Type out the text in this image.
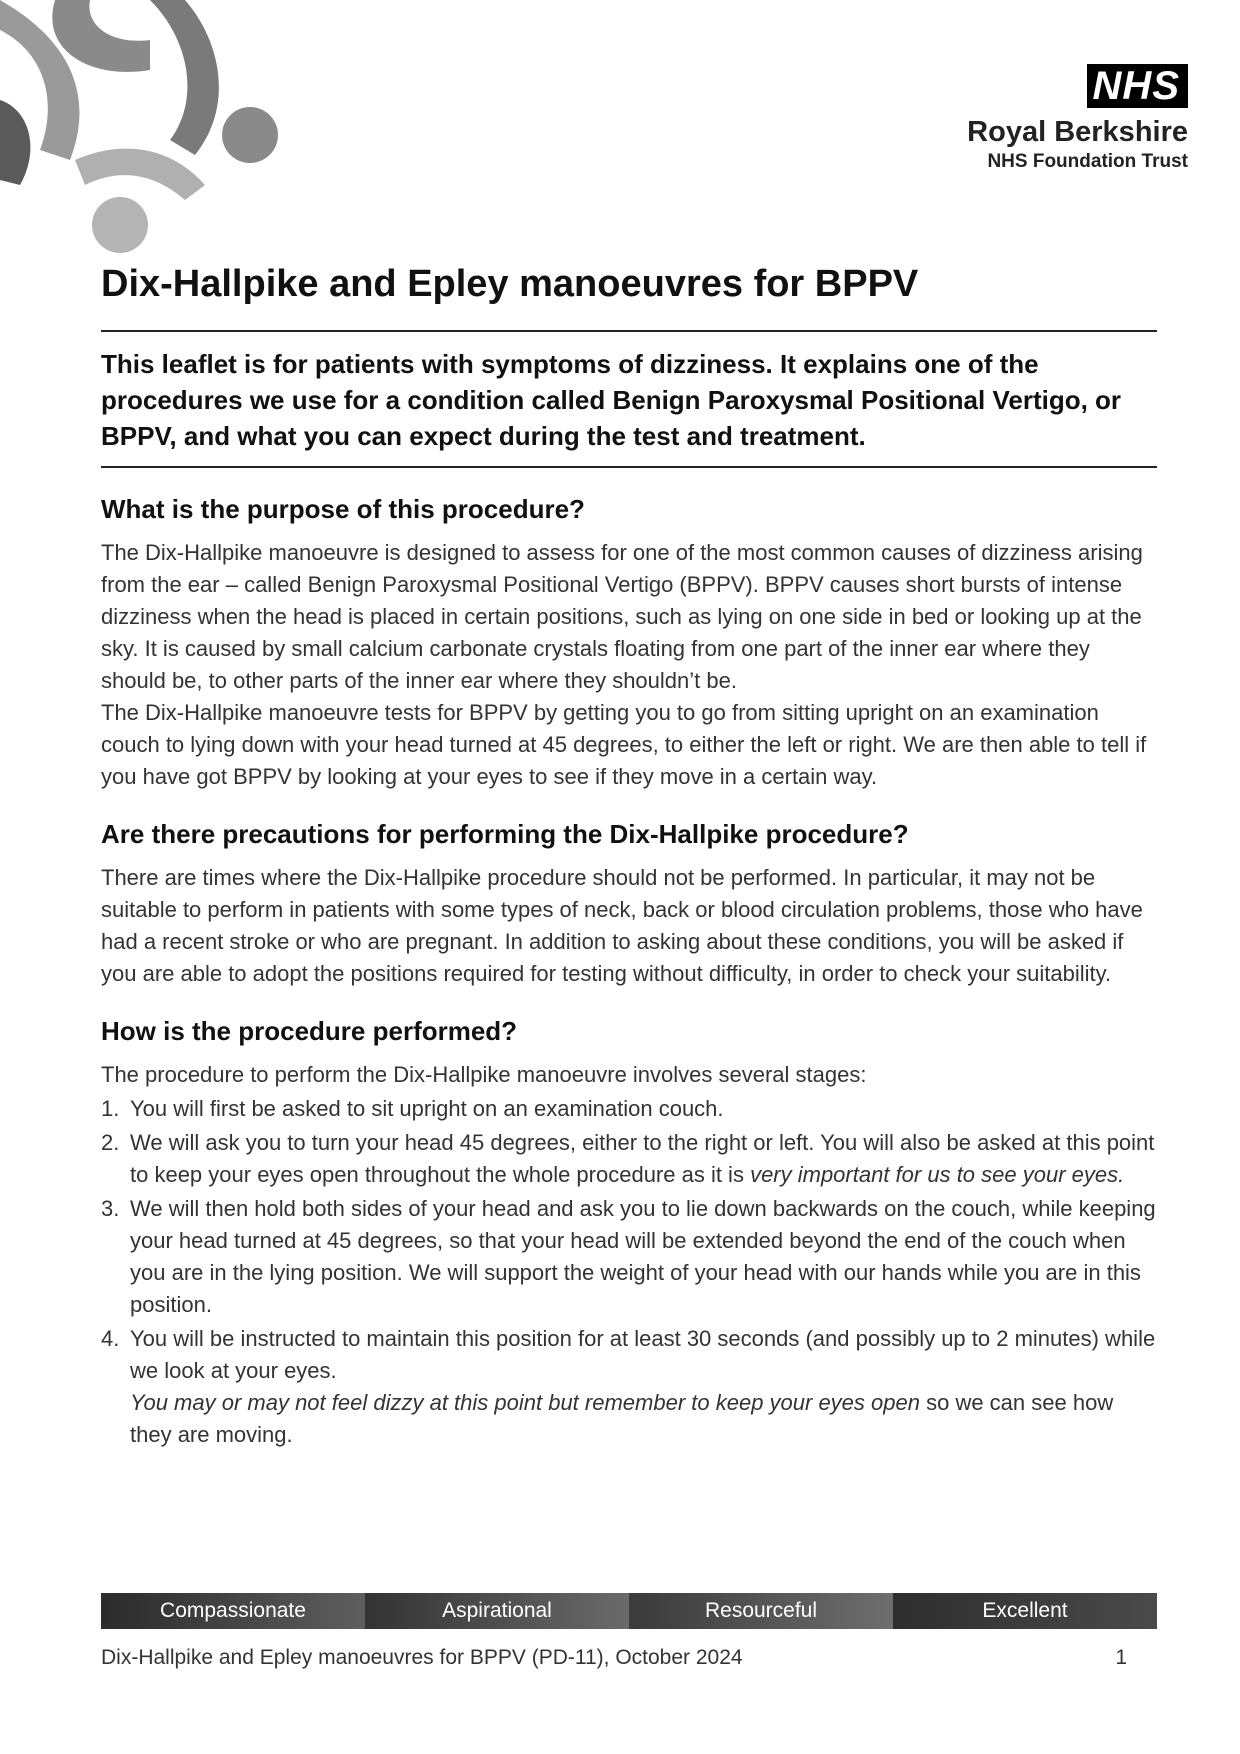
NHS
Royal Berkshire
NHS Foundation Trust
Dix-Hallpike and Epley manoeuvres for BPPV
This leaflet is for patients with symptoms of dizziness. It explains one of the procedures we use for a condition called Benign Paroxysmal Positional Vertigo, or BPPV, and what you can expect during the test and treatment.
What is the purpose of this procedure?

The Dix-Hallpike manoeuvre is designed to assess for one of the most common causes of dizziness arising from the ear – called Benign Paroxysmal Positional Vertigo (BPPV). BPPV causes short bursts of intense dizziness when the head is placed in certain positions, such as lying on one side in bed or looking up at the sky. It is caused by small calcium carbonate crystals floating from one part of the inner ear where they should be, to other parts of the inner ear where they shouldn’t be.

The Dix-Hallpike manoeuvre tests for BPPV by getting you to go from sitting upright on an examination couch to lying down with your head turned at 45 degrees, to either the left or right. We are then able to tell if you have got BPPV by looking at your eyes to see if they move in a certain way.

Are there precautions for performing the Dix-Hallpike procedure?

There are times where the Dix-Hallpike procedure should not be performed. In particular, it may not be suitable to perform in patients with some types of neck, back or blood circulation problems, those who have had a recent stroke or who are pregnant. In addition to asking about these conditions, you will be asked if you are able to adopt the positions required for testing without difficulty, in order to check your suitability.

How is the procedure performed?

The procedure to perform the Dix-Hallpike manoeuvre involves several stages:

1. You will first be asked to sit upright on an examination couch.
2. We will ask you to turn your head 45 degrees, either to the right or left. You will also be asked at this point to keep your eyes open throughout the whole procedure as it is very important for us to see your eyes.
3. We will then hold both sides of your head and ask you to lie down backwards on the couch, while keeping your head turned at 45 degrees, so that your head will be extended beyond the end of the couch when you are in the lying position. We will support the weight of your head with our hands while you are in this position.
4. You will be instructed to maintain this position for at least 30 seconds (and possibly up to 2 minutes) while we look at your eyes.
You may or may not feel dizzy at this point but remember to keep your eyes open so we can see how they are moving.
Compassionate	Aspirational	Resourceful	Excellent
Dix-Hallpike and Epley manoeuvres for BPPV (PD-11), October 2024	1
